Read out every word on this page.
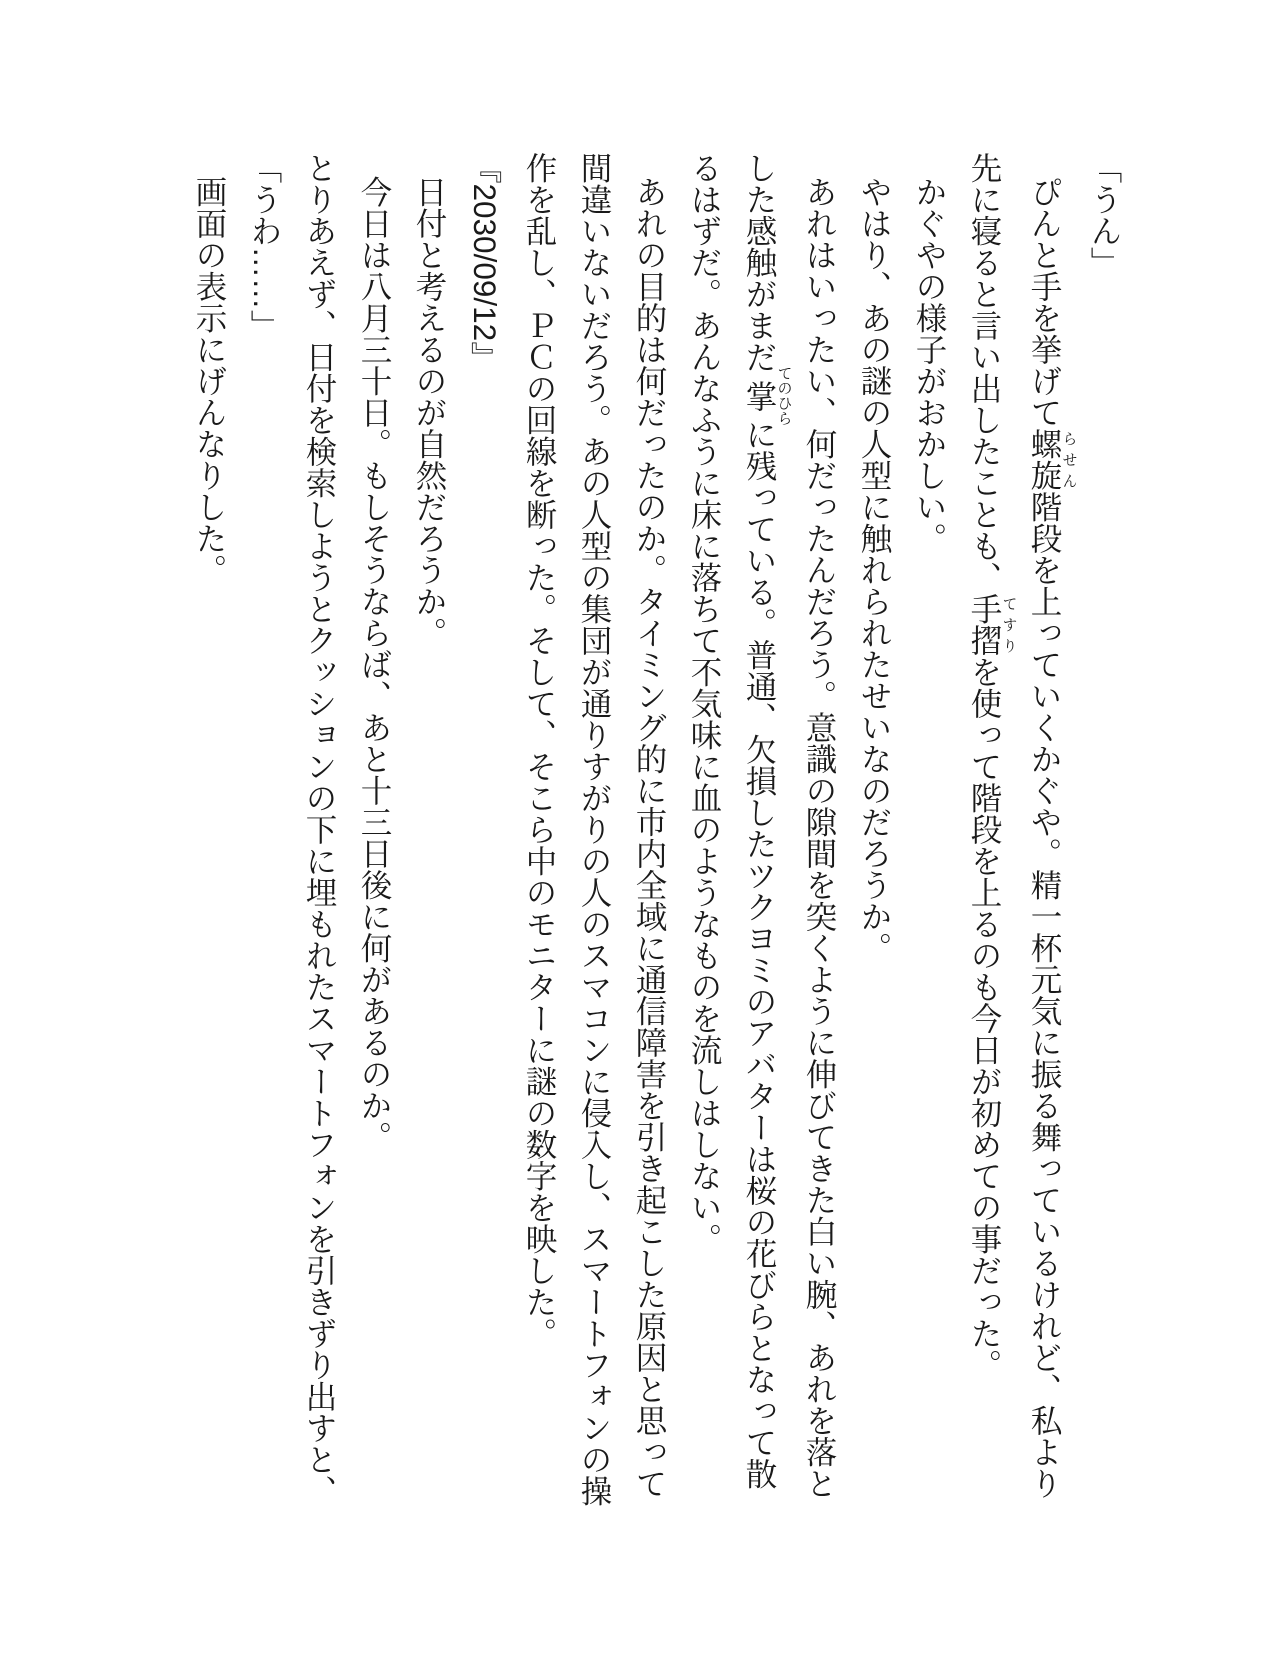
「うん」

ぴんと手を挙げて螺旋らせん階段を上っていくかぐや。精一杯元気に振る舞っているけれど、私より

先に寝ると言い出したことも、手摺てすりを使って階段を上るのも今日が初めての事だった。

かぐやの様子がおかしい。

やはり、あの謎の人型に触れられたせいなのだろうか。

あれはいったい、何だったんだろう。意識の隙間を突くように伸びてきた白い腕、あれを落と

した感触がまだ掌てのひらに残っている。普通、欠損したツクヨミのアバターは桜の花びらとなって散

るはずだ。あんなふうに床に落ちて不気味に血のようなものを流しはしない。

あれの目的は何だったのか。タイミング的に市内全域に通信障害を引き起こした原因と思って

間違いないだろう。あの人型の集団が通りすがりの人のスマコンに侵入し、スマートフォンの操

作を乱し、ＰＣの回線を断った。そして、そこら中のモニターに謎の数字を映した。

『2030/09/12』

日付と考えるのが自然だろうか。

今日は八月三十日。もしそうならば、あと十三日後に何があるのか。

とりあえず、日付を検索しようとクッションの下に埋もれたスマートフォンを引きずり出すと、

「うわ……」

画面の表示にげんなりした。
